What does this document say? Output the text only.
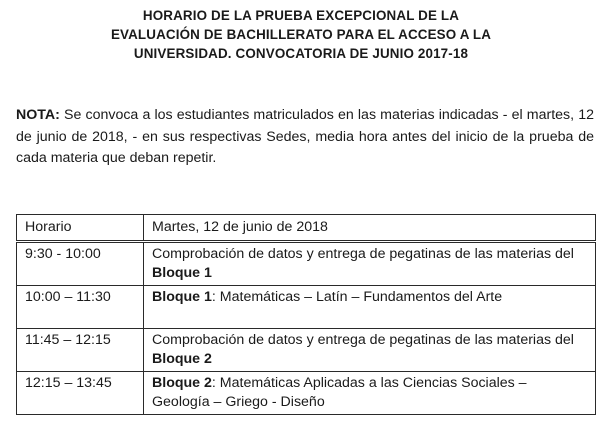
HORARIO DE LA PRUEBA EXCEPCIONAL DE LA
EVALUACIÓN DE BACHILLERATO PARA EL ACCESO A LA
UNIVERSIDAD. CONVOCATORIA DE JUNIO 2017-18

NOTA: Se convoca a los estudiantes matriculados en las materias indicadas - el martes, 12 de junio de 2018, - en sus respectivas Sedes, media hora antes del inicio de la prueba de cada materia que deban repetir.

Horario	Martes, 12 de junio de 2018
9:30 - 10:00	Comprobación de datos y entrega de pegatinas de las materias del Bloque 1
10:00 – 11:30	Bloque 1: Matemáticas – Latín – Fundamentos del Arte
11:45 – 12:15	Comprobación de datos y entrega de pegatinas de las materias del Bloque 2
12:15 – 13:45	Bloque 2: Matemáticas Aplicadas a las Ciencias Sociales – Geología – Griego - Diseño
